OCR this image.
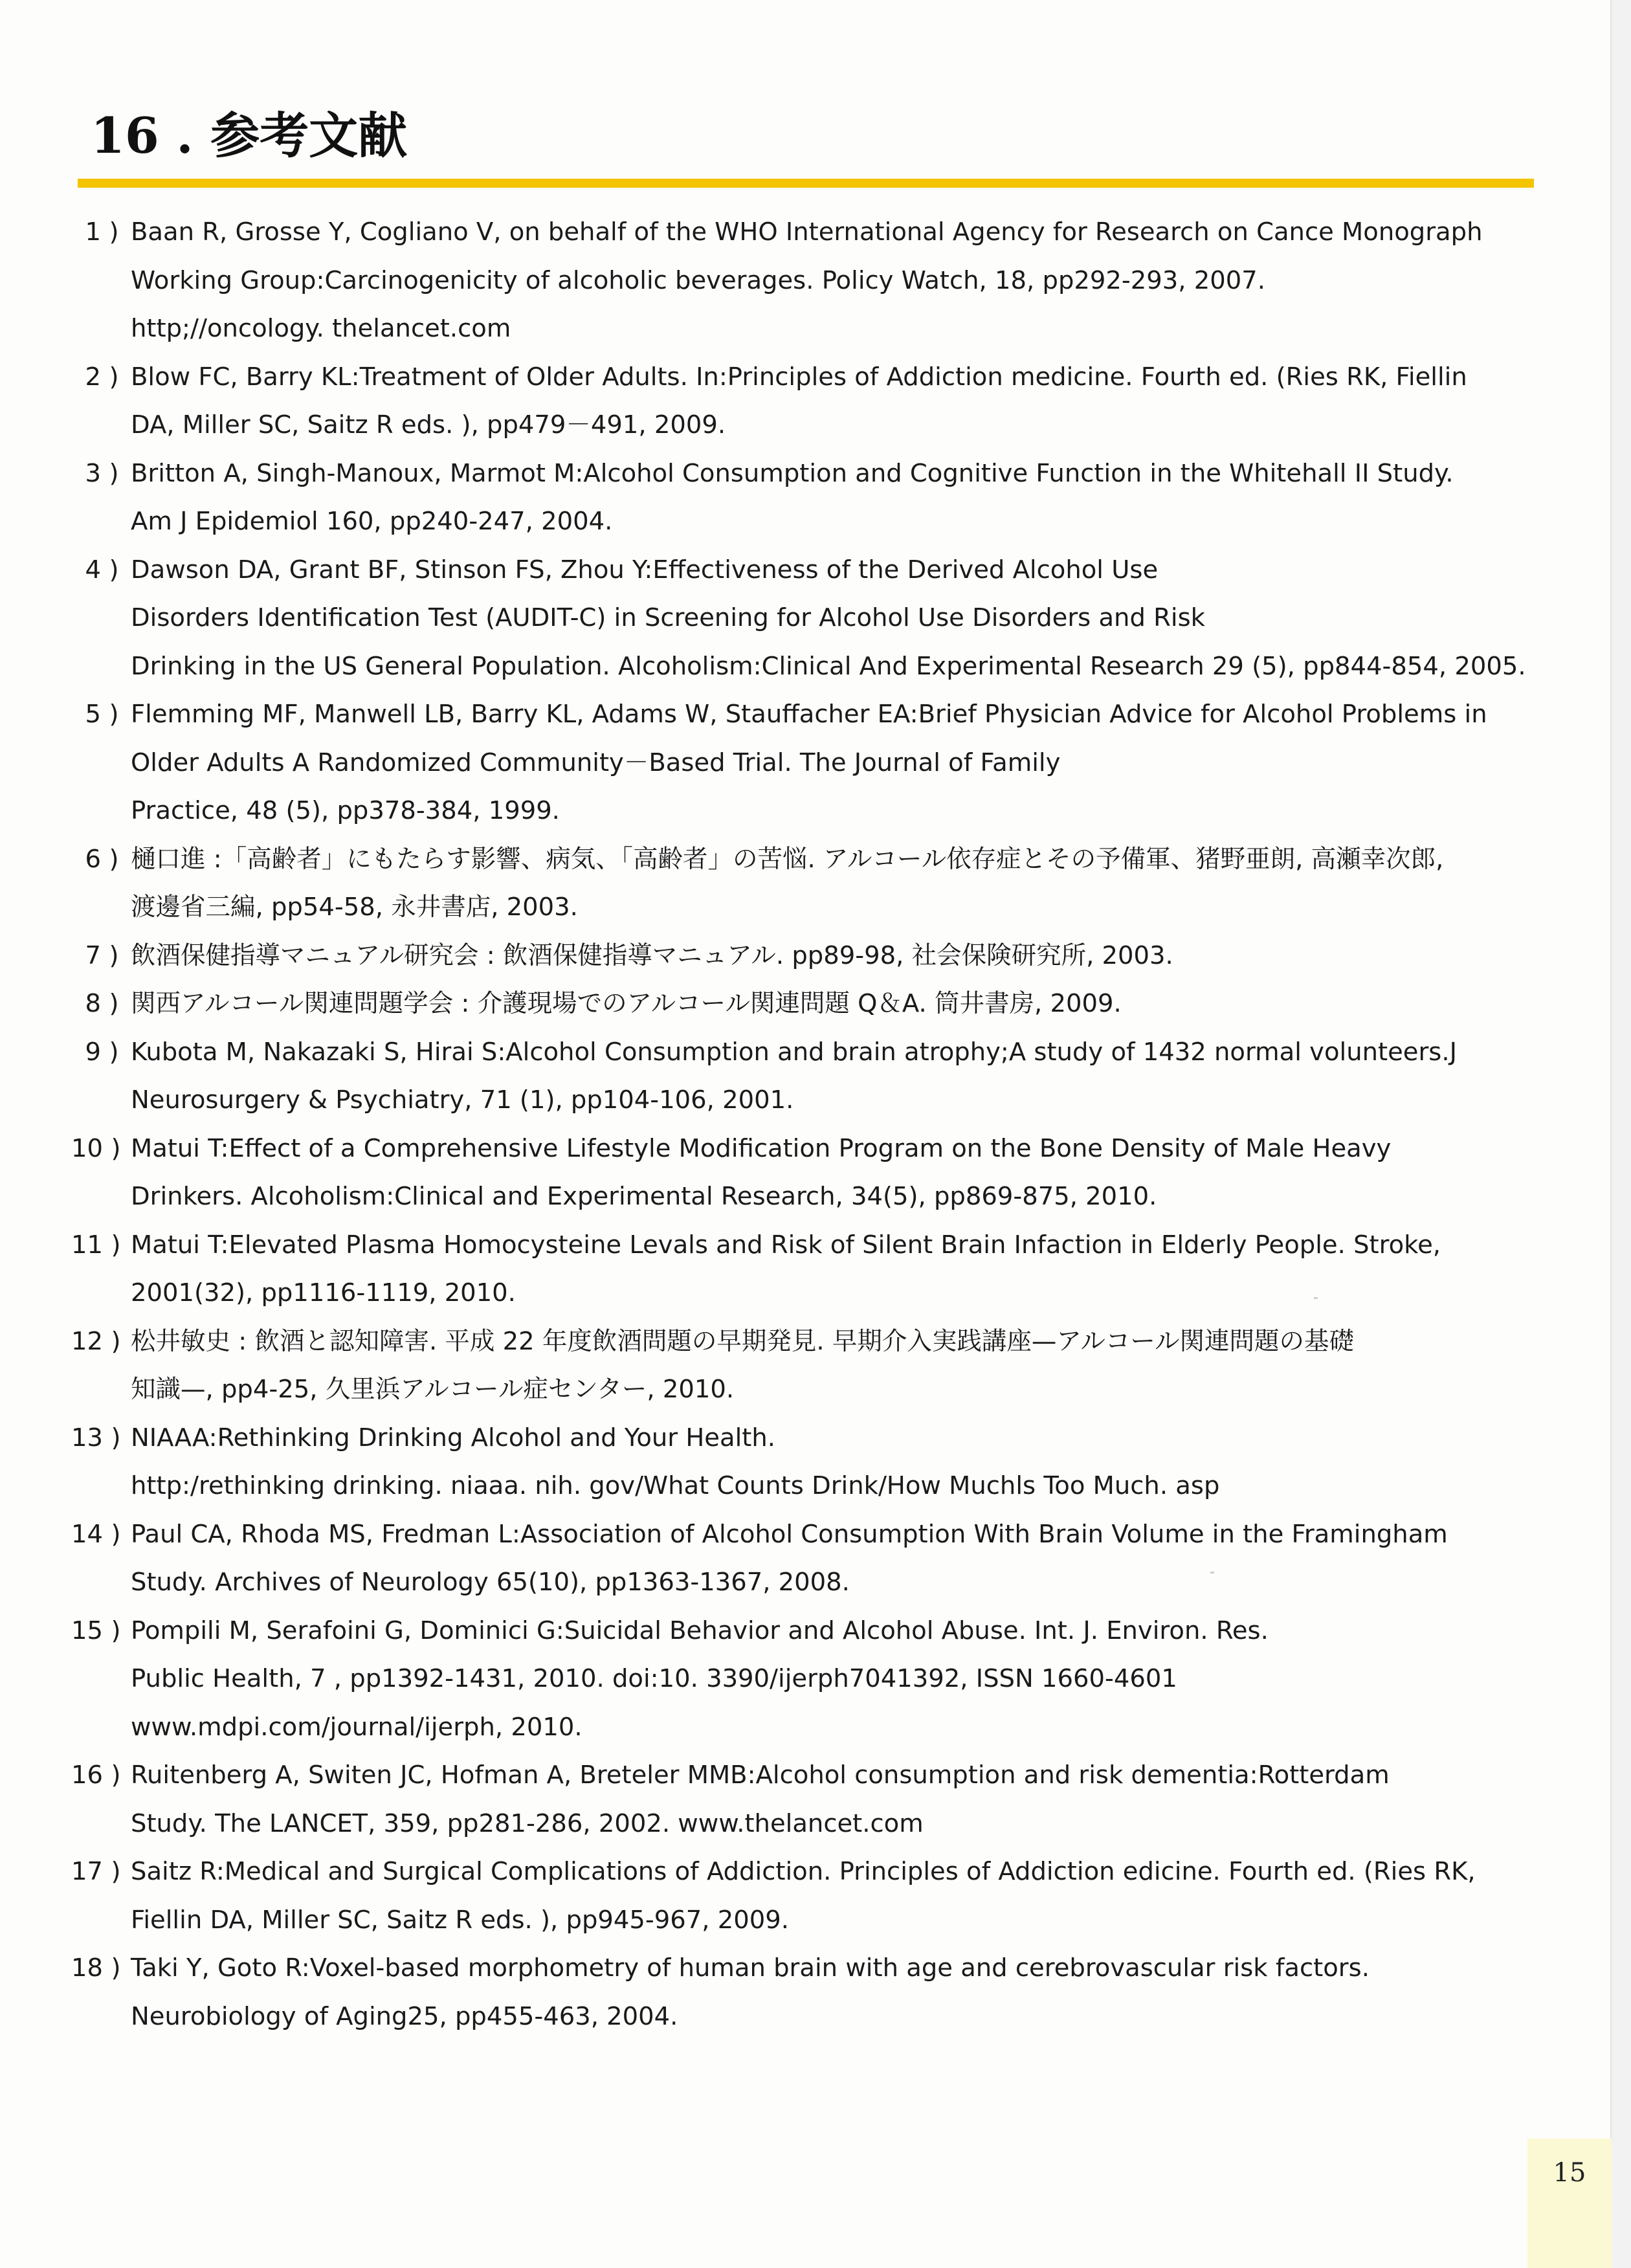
16 . 参考文献
1 ) Baan R, Grosse Y, Cogliano V, on behalf of the WHO International Agency for Research on Cance Monograph
Working Group:Carcinogenicity of alcoholic beverages. Policy Watch, 18, pp292-293, 2007.
http;//oncology. thelancet.com
2 ) Blow FC, Barry KL:Treatment of Older Adults. In:Principles of Addiction medicine. Fourth ed. (Ries RK, Fiellin
DA, Miller SC, Saitz R eds. ), pp479－491, 2009.
3 ) Britton A, Singh-Manoux, Marmot M:Alcohol Consumption and Cognitive Function in the Whitehall II Study.
Am J Epidemiol 160, pp240-247, 2004.
4 ) Dawson DA, Grant BF, Stinson FS, Zhou Y:Effectiveness of the Derived Alcohol Use
Disorders Identification Test (AUDIT-C) in Screening for Alcohol Use Disorders and Risk
Drinking in the US General Population. Alcoholism:Clinical And Experimental Research 29 (5), pp844-854, 2005.
5 ) Flemming MF, Manwell LB, Barry KL, Adams W, Stauffacher EA:Brief Physician Advice for Alcohol Problems in
Older Adults A Randomized Community－Based Trial. The Journal of Family
Practice, 48 (5), pp378-384, 1999.
6 ) 樋口進 :「高齢者」にもたらす影響、病気、「高齢者」の苦悩. アルコール依存症とその予備軍、猪野亜朗, 高瀬幸次郎,
渡邊省三編, pp54-58, 永井書店, 2003.
7 ) 飲酒保健指導マニュアル研究会 : 飲酒保健指導マニュアル. pp89-98, 社会保険研究所, 2003.
8 ) 関西アルコール関連問題学会 : 介護現場でのアルコール関連問題 Q＆A. 筒井書房, 2009.
9 ) Kubota M, Nakazaki S, Hirai S:Alcohol Consumption and brain atrophy;A study of 1432 normal volunteers.J
Neurosurgery & Psychiatry, 71 (1), pp104-106, 2001.
10 ) Matui T:Effect of a Comprehensive Lifestyle Modification Program on the Bone Density of Male Heavy
Drinkers. Alcoholism:Clinical and Experimental Research, 34(5), pp869-875, 2010.
11 ) Matui T:Elevated Plasma Homocysteine Levals and Risk of Silent Brain Infaction in Elderly People. Stroke,
2001(32), pp1116-1119, 2010.
12 ) 松井敏史 : 飲酒と認知障害. 平成 22 年度飲酒問題の早期発見. 早期介入実践講座—アルコール関連問題の基礎
知識—, pp4-25, 久里浜アルコール症センター, 2010.
13 ) NIAAA:Rethinking Drinking Alcohol and Your Health.
http:/rethinking drinking. niaaa. nih. gov/What Counts Drink/How Muchls Too Much. asp
14 ) Paul CA, Rhoda MS, Fredman L:Association of Alcohol Consumption With Brain Volume in the Framingham
Study. Archives of Neurology 65(10), pp1363-1367, 2008.
15 ) Pompili M, Serafoini G, Dominici G:Suicidal Behavior and Alcohol Abuse. Int. J. Environ. Res.
Public Health, 7 , pp1392-1431, 2010. doi:10. 3390/ijerph7041392, ISSN 1660-4601
www.mdpi.com/journal/ijerph, 2010.
16 ) Ruitenberg A, Switen JC, Hofman A, Breteler MMB:Alcohol consumption and risk dementia:Rotterdam
Study. The LANCET, 359, pp281-286, 2002. www.thelancet.com
17 ) Saitz R:Medical and Surgical Complications of Addiction. Principles of Addiction edicine. Fourth ed. (Ries RK,
Fiellin DA, Miller SC, Saitz R eds. ), pp945-967, 2009.
18 ) Taki Y, Goto R:Voxel-based morphometry of human brain with age and cerebrovascular risk factors.
Neurobiology of Aging25, pp455-463, 2004.
15
